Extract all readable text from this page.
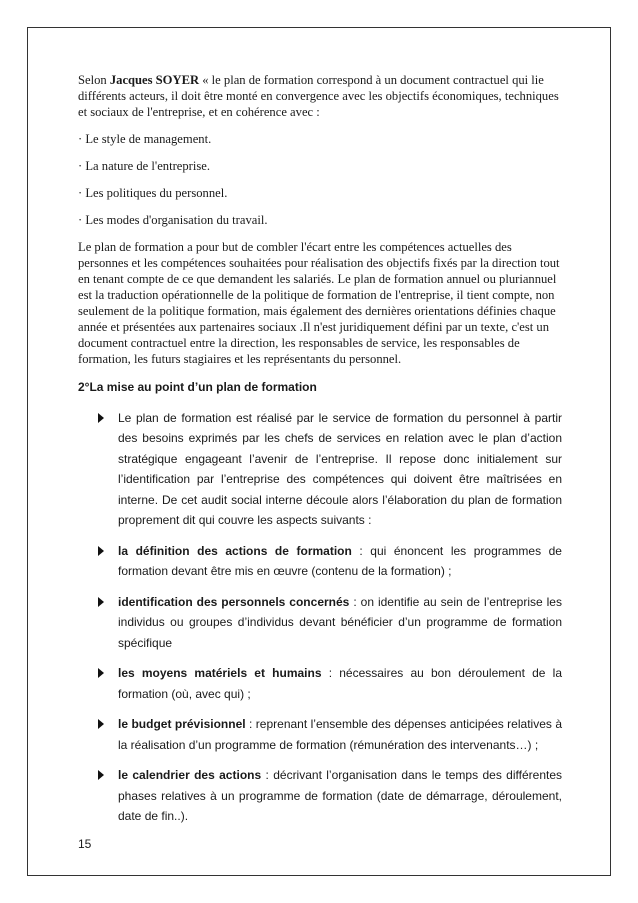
Selon Jacques SOYER « le plan de formation correspond à un document contractuel qui lie différents acteurs, il doit être monté en convergence avec les objectifs économiques, techniques et sociaux de l'entreprise, et en cohérence avec :

· Le style de management.

· La nature de l'entreprise.

· Les politiques du personnel.

· Les modes d'organisation du travail.

Le plan de formation a pour but de combler l'écart entre les compétences actuelles des personnes et les compétences souhaitées pour réalisation des objectifs fixés par la direction tout en tenant compte de ce que demandent les salariés. Le plan de formation annuel ou pluriannuel est la traduction opérationnelle de la politique de formation de l'entreprise, il tient compte, non seulement de la politique formation, mais également des dernières orientations définies chaque année et présentées aux partenaires sociaux .Il n'est juridiquement défini par un texte, c'est un document contractuel entre la direction, les responsables de service, les responsables de formation, les futurs stagiaires et les représentants du personnel.

2°La mise au point d’un plan de formation

Le plan de formation est réalisé par le service de formation du personnel à partir des besoins exprimés par les chefs de services en relation avec le plan d’action stratégique engageant l’avenir de l’entreprise. Il repose donc initialement sur l’identification par l’entreprise des compétences qui doivent être maîtrisées en interne. De cet audit social interne découle alors l’élaboration du plan de formation proprement dit qui couvre les aspects suivants :
la définition des actions de formation : qui énoncent les programmes de formation devant être mis en œuvre (contenu de la formation) ;
identification des personnels concernés : on identifie au sein de l’entreprise les individus ou groupes d’individus devant bénéficier d’un programme de formation spécifique
les moyens matériels et humains : nécessaires au bon déroulement de la formation (où, avec qui) ;
le budget prévisionnel : reprenant l’ensemble des dépenses anticipées relatives à la réalisation d’un programme de formation (rémunération des intervenants…) ;
le calendrier des actions : décrivant l’organisation dans le temps des différentes phases relatives à un programme de formation (date de démarrage, déroulement, date de fin..).
15
